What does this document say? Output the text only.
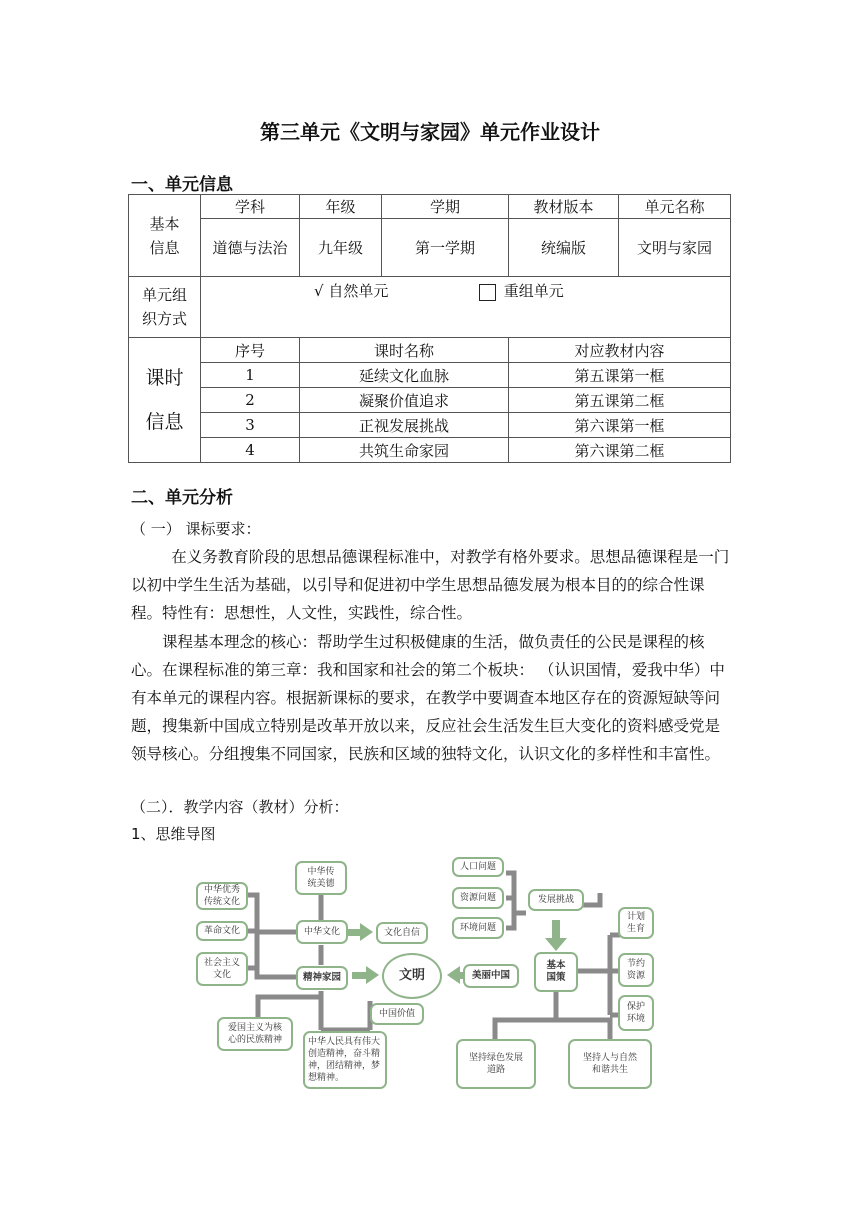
第三单元《文明与家园》单元作业设计
一、单元信息
基本
信息	学科	年级	学期	教材版本	单元名称
	道德与法治	九年级	第一学期	统编版	文明与家园
单元组
织方式	√ 自然单元 重组单元				

课时
信息	序号	课时名称		对应教材内容	
	1	延续文化血脉		第五课第一框	
	2	凝聚价值追求		第五课第二框	
	3	正视发展挑战		第六课第一框	
	4	共筑生命家园		第六课第二框	
二、单元分析
（ 一） 课标要求：
在义务教育阶段的思想品德课程标准中，对教学有格外要求。思想品德课程是一门以初中学生生活为基础，以引导和促进初中学生思想品德发展为根本目的的综合性课程。特性有：思想性，人文性，实践性，综合性。
课程基本理念的核心：帮助学生过积极健康的生活，做负责任的公民是课程的核心。在课程标准的第三章：我和国家和社会的第二个板块： （认识国情，爱我中华）中有本单元的课程内容。根据新课标的要求，在教学中要调查本地区存在的资源短缺等问题，搜集新中国成立特别是改革开放以来，反应社会生活发生巨大变化的资料感受党是领导核心。分组搜集不同国家，民族和区域的独特文化，认识文化的多样性和丰富性。
（二）．教学内容（教材）分析：
1、思维导图
中华优秀
传统文化
革命文化
社会主义
文化
中华传
统美德
中华文化	文化自信
精神家园	文明
中国价值
爱国主义为核
心的民族精神	中华人民具有伟大创造精神，奋斗精神，团结精神，梦想精神。
人口问题
资源问题
环境问题
发展挑战
基本
国策
美丽中国
计划
生育
节约
资源
保护
环境
坚持绿色发展
道路
坚持人与自然
和谐共生
